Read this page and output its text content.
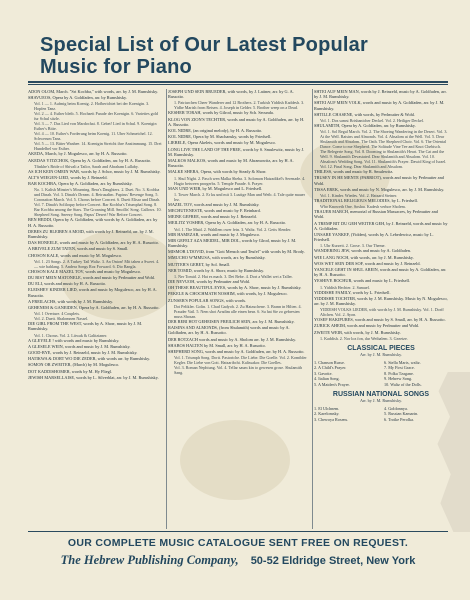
Special List of Our Latest Popular
Music for Piano
ADON OLOM, March. "Sri Kochba," with words, arr. by J. M. Rumshisky.
SHAVUEOS, Opera by A. Goldfaden, arr. by Rumshisky.
Vol. 1 — 1. Aufmig beim Koenig. 2. Hofberichtet bei der Koenigin. 3. Hopfen Tanz.
Vol. 2 — 4. Esther bleib. 5. Hochzeit Parade der Koenigin. 6. Varieties gold fur Schul sitzle.
Vol. 3 — 7. Das Lied von Mardochai. 8. Gebet! Lied in Schul. 9. Koenigin Esther's Bitte.
Vol. 4 — 10. Esther's Forderung beim Koenig. 11. Uber Schmeichel. 12. Schwerum Tanz.
Vol. 5 — 13. Bitter Wanhee. 14. Koenigin Streicht ihre Anstimmung. 15. Drei Hundelbel vor Esther.
AKEDA, March, by J. Mogulesco, arr. by H. A. Russotto.
AKEDAS YITZCHOK, Opera by A. Goldfaden, arr. by H. A. Russotto.
Tfinkhe's Bride of Shivali a Tailor, Sarah and Abraham Lullaby.
AS ICH KEIN OMEIN WAR, words by J. Schor, music by J. M. Rumshisky.
ALT'S WIEGEN-LIED, words by J. Reinzeld.
BAR KOCHBA, Opera by A. Goldfaden, arr. by Rumshisky.
No. 1. Kalish Minster's Mourning. Bera's Daughters. 2. Duet. No. 3. Kochba und Dinah. Vol. 3. Dinah's Dream. 4. Beirusalim. Papirus' Revenge Song. 5. Coronation March. Vol. 5. Chorus before Concert. 6. Duett Elisar und Dinah. Vol. 7. Dinah's Soliloquy before Concert. Bar Kochba's Triumphal Song. 8. Bar Kochba among the Stars. The Groaning Mill. Smollis' Song. Gallows. 10. Shepherd Song. Sneezy Song. Papus' Desert! War Before Concert.
BEN HEDDI, Opera by A. Goldfaden, with words by A. Goldfaden, arr. by H. A. Russotto.
DEBES ZU BLEIBEN A MOID, with words by J. Reinzeld, arr. by J. M. Rumshisky.
DAS HONEELE, words and music by A. Goldfaden, arr. by H. A. Russotto.
A BRIVELE ZUM TATEN, words and music by S. Small.
CHOSON KALE, words and music by M. Mogulesco.
Vol. 1. 23 Songs. 2. A Turkey Tail Waltz. 3. An Onion! Mit tahen a Sweet. 4. — wie bahlang. 5. Andera Songs Roz Forward. 6. Dio Rangla.
CHOSON KALE MAZEL TOV, words and music by Mogulesco.
DU BIST MEIN MATONELE, words and music by Perlmutter and Wohl.
DU ELI, words and music by H. A. Russotto.
ELEISHEV KINDER LIED, words and music by Mogulesco, arr. by H. A. Russotto.
A FREILACHS, with words by J. M. Rumshisky.
GEHENEM & GANEIDEN, Opera by A. Goldfaden, arr. by H. A. Russotto.
Vol. 1 Overture. 4 Couplets.
Vol. 2. Duett. Shalomnen Nassel.
DIE GIRL FROM THE WEST, words by A. Shorr, music by J. M. Rumshisky.
Vol. 1. Chorus. Vol. 2. Litwak & Galitzianer.
A GLEYELE ! with words and music by Rumshisky.
A GLESELE WEIN, words and music by J. M. Rumshisky.
GOOD-BYE, words by J. Reinzeld, music by J. M. Rumshisky.
HATIKWA & DORT WO DIE ZEDER, with words arr. by Rumshisky.
SOMON OR ZWEITER, (March) by M. Mogulesco.
DOT KADDISHOMER, words by M. Hy Fliegl.
JEWISH MARSELLAISE, words by L. Silverblat, arr. by J. M. Rumshisky.
JOSEPH UND SEIN BRUEDER, with words, by J. Latiner, arr. by G. A. Russotto.
1. Patriarchen Cheer Wanderer and 12 Brothers. 2. Turkish Yiddish Kaddesh. 3. Yidhe Marish from Reisen. 4. Joseph in Gelder. 5. Brother weep on a Dead.
KESHER TORAH, words by Gilrod, music by Sch. Secunda.
KLOG VON ZION'S TECHTER, words and music by A. Goldfaden, arr. by H. A. Russotto.
KOL NIDRE, (an original melody), by H. A. Russotto.
KOL NIDRE, Opera by M. Shachansky, words by Friedsell.
LIEBELE, Opera Akeleis, words and music by M. Mogulesco.
LONG LIVE THE LAND OF THE FREE, words by S. Smulewitz, music by J. M. Rumshisky.
MALKOS MALKOS, words and music by M. Abramowitz, arr. by H. A. Russotto.
MALKE SHEBA, Opera, with words by Steady & Shorr.
1. Shul Night. 2. Pasch wen Malka Sheba. 3. Solomon Hatzadikel's Serenade. 4. Hagio between prorgerbs. 5. Temple Parade. 6. Prayer.
MAN UND WEIB, by M. Mogulesco and L. Friedsell.
1. Tower March. 2. Er ku und mit 3. Lustige Man und Weib. 4. Tale quite mauer lez.
MAZEL TOV, words and music by J. M. Rumshisky.
MECHUTENESTE, words and music by F. Reinhard.
MEINE GEFREE, words and music by J. Reinzeld.
MEILITZ YOSHER, Opera by A. Goldfaden, arr. by H. A. Russotto.
Vol. 1. The Maid. 2. Wahllem ower fein. 3. Waltz. Vol. 2. Getts Slender.
MIR HAMEZAR, words and music by J. Mogulesco.
MIR GEFELT AZA MEIDEL, MIR DOL, words by Glrod, music by J. M. Rumshisky.
MISMOR L'DOVID, from "Gott Mensch und Teufel" with words by M. Brody.
MMUCHO W'MMUSA, with words, arr. by Rumshisky.
MUTTER'S GEBET, by Sol. Small.
NER TOMID, words by A. Shorr, music by Rumshisky.
1. Ner Tomid. 2. Hat es mach. 3. Dei Bebe. 4. Dort a Wallet wei a Taller.
DIE NEVUOH, words by Perlmutter and Wohl.
OH THESE BEAUTIFUL EYES, words by A. Shorr, music by J. Rumshisky.
PEKELE & CHOCHMATH NOSHIM, with words, by J. Mogulesco.
ZUNSER'S POPULAR SONGS, with words.
Dot Pelikler. Golin. 1. Chad Gadyoh. 2. Zu Hatzuchene. 3. Brann in Hilten. 4. Prauder Vail. 5. Nem shot Avadim alle einen besn. 6. Su hat Sie zo gebresten muss Shosan.
DER REBI HOT GEHEISEN FREILICH SEIN, arr. by J. M. Rumshisky.
RAISINS AND ALMONDS, (from Shulamith) words and music by A. Goldfaden, arr. by H. A. Russotto.
DER ROTZACH words and music by A. Sholom arr. by J. M. Rumshisky.
SHABOS HALTEN by M. Small, arr. by H. A. Russotto.
SHEPHERD SONG, words and music by A. Goldfaden, arr. by H. A. Russotto.
Vol. 1. Triumph Song. Dortt. Pastoriche. Die Liebe. Die Goelle. Vol. 2. Komibler Kegler. Die Liebe von Gott. Hatzaribchi. Kalissakor. Die Goelles.
Vol. 3. Roman Nephtung. Vol. 4. Tellar saum kin to gewesen grose. Shulamith Sang.
SHTEI AUF MEIN MAN, words by J. Reinzeld, music by A. Goldfaden, arr. by J. M. Rumshisky.
SHTEI AUF MEIN VOLK, words and music by A. Goldfaden, arr. by J. M. Rumshisky.
SHTILLE CHASENE, with words, by Perlmutter & Wohl.
Vol. 1. Dos samst Brisbanicher Deckel. Vol. 2. Heiliger Deckel.
SHULAMITH, Opera by A. Goldfaden, arr. by Rumshisky.
Vol. 1. Sol Regal March. Vol. 2. The Shoeing Wandering in the Desert. Vol. 3. At the Well. Raisins and Almonds. Vol. 4. Absalom at the Well. Vol. 5. Dear Shulamith and Absalom. The Oath. The Shepherd Choir. Vol. 6. The Oriental Dance. Come to me Shepherd. The Solitude Vine Tee and Knot Chebisch. The Belegerte Song. Vol. 8. Dooming to Shulamith's Heart. The Cat and the Well. 9. Shulamith Devastated. Dear Shulamith and Absalom. Vol. 10. Absalom's Wedding Song. Vol. 11. Shulamith's Prayer. Dawid King of Israel. Vol. 12. Final Song. Dear Shulamith and Absalom.
THILESS, words and music by R. Smulewitz.
TRUSEY IN HE MENTE (PARRIOT), words and music by Perlmutter and Wohl.
TISSA EREK, words and music by N. Mogulesco, arr. by J. M. Rumshisky.
Vol. 1. Kinder. Wiedes. Vol. 2. Hatzard Steiner.
TRADITIONAL RELIGIOUS MELODIES, by L. Friedsell.
Who Knoweth One. Soslau. Kadesh verhoe Sholem.
TRAUER MARCH, memorial of Russian Massacres, by Perlmutter and Wohl.
A TREMP BIT DU GEH WEITER GEH, by J. Reinzeld, words and music by A. Goldfaden.
UNSARE YANKEF, (Yidden), words by A. Lebedewicz, music by L. Friedsell.
1. Uhr Kurzeit. 2. Grose. 3. Our Theme.
WANDERING JEW, words and music by A. Goldfaden.
WIE LANG NOCH, with words, arr. by J. M. Rumshisky.
WOS WET SEIN DER SOF, words and music by J. Reinzeld.
YANCELE GEHT IN SHUL AREIN, words and music by A. Goldfaden, arr. by H. A. Russotto.
YESHIVE BOCHUR, words and music by L. Friedsell.
1. Yiddish Hechter. 2. Samuel.
YIDDISHE FAMILY, words by L. Friedsell.
YIDDISHE TOCHTER, words by J. M. Rumshisky. Music by N. Mogulesco, arr. by J. M. Rumshisky.
YIDDISH VOLKS LIEDER, with words by J. M. Rumshisky. Vol. 1. Dorff Altchen. Vol. 2. Ayon.
YOSEF HAKIPURES, words and music by S. Small, arr. by H. A. Russotto.
ZURICK AHEIM, words and music by Perlmutter and Wohl.
ZWEITE WEIB, with words, by J. M. Rumshisky.
1. Kaddish. 2. Nor loz fon, dar Weibalem. 3. Gezetze.
CLASSICAL PIECES
Arr. by J. M. Rumshisky.
1. Chanson Russe.	6. Stella Maris, waltz.
2. A Child's Prayer.	7. My First Grace.
3. Gavotte.	8. Polka Tzagane.
4. Italian Song.	9. Hebrew Song.
5. A Maiden's Prayer.	10. Waltz of the Dolls.
RUSSIAN NATIONAL SONGS
Arr. by J. M. Rumshisky.
1. El Ulchnem.	4. Goldonnya.
2. Karelomsky.	5. Russian Kamarin.
3. Chewoya Rosens.	6. Troike Perolka.
OUR COMPLETE MUSIC CATALOGUE SENT FREE ON REQUEST.
The Hebrew Publishing Company, 50-52 Eldridge Street, New York
